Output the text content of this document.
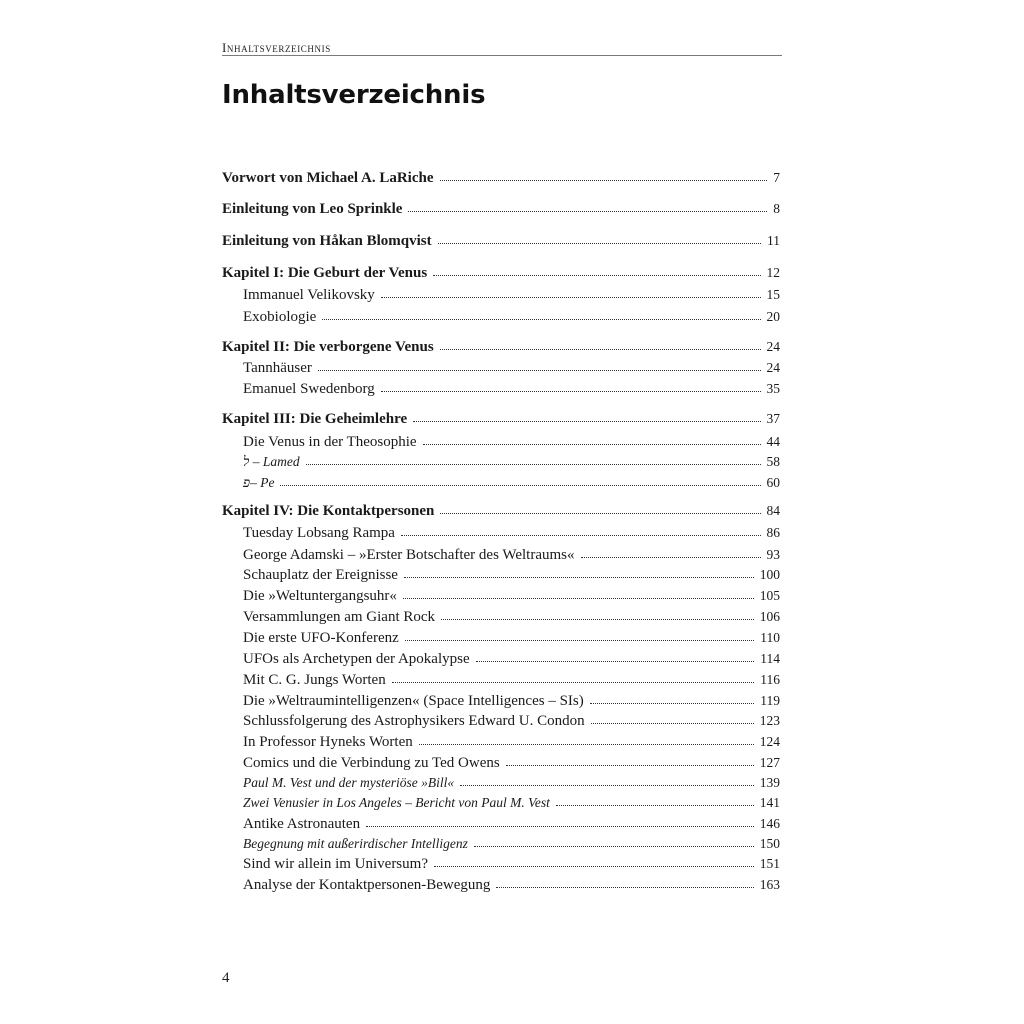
Inhaltsverzeichnis
Inhaltsverzeichnis
Vorwort von Michael A. LaRiche	7
Einleitung von Leo Sprinkle	8
Einleitung von Håkan Blomqvist	11
Kapitel I: Die Geburt der Venus	12
Immanuel Velikovsky	15
Exobiologie	20
Kapitel II: Die verborgene Venus	24
Tannhäuser	24
Emanuel Swedenborg	35
Kapitel III: Die Geheimlehre	37
Die Venus in der Theosophie	44
ל – Lamed	58
פ– Pe	60
Kapitel IV: Die Kontaktpersonen	84
Tuesday Lobsang Rampa	86
George Adamski – »Erster Botschafter des Weltraums«	93
Schauplatz der Ereignisse	100
Die »Weltuntergangsuhr«	105
Versammlungen am Giant Rock	106
Die erste UFO-Konferenz	110
UFOs als Archetypen der Apokalypse	114
Mit C. G. Jungs Worten	116
Die »Weltraumintelligenzen« (Space Intelligences – SIs)	119
Schlussfolgerung des Astrophysikers Edward U. Condon	123
In Professor Hyneks Worten	124
Comics und die Verbindung zu Ted Owens	127
Paul M. Vest und der mysteriöse »Bill«	139
Zwei Venusier in Los Angeles – Bericht von Paul M. Vest	141
Antike Astronauten	146
Begegnung mit außerirdischer Intelligenz	150
Sind wir allein im Universum?	151
Analyse der Kontaktpersonen-Bewegung	163
4
